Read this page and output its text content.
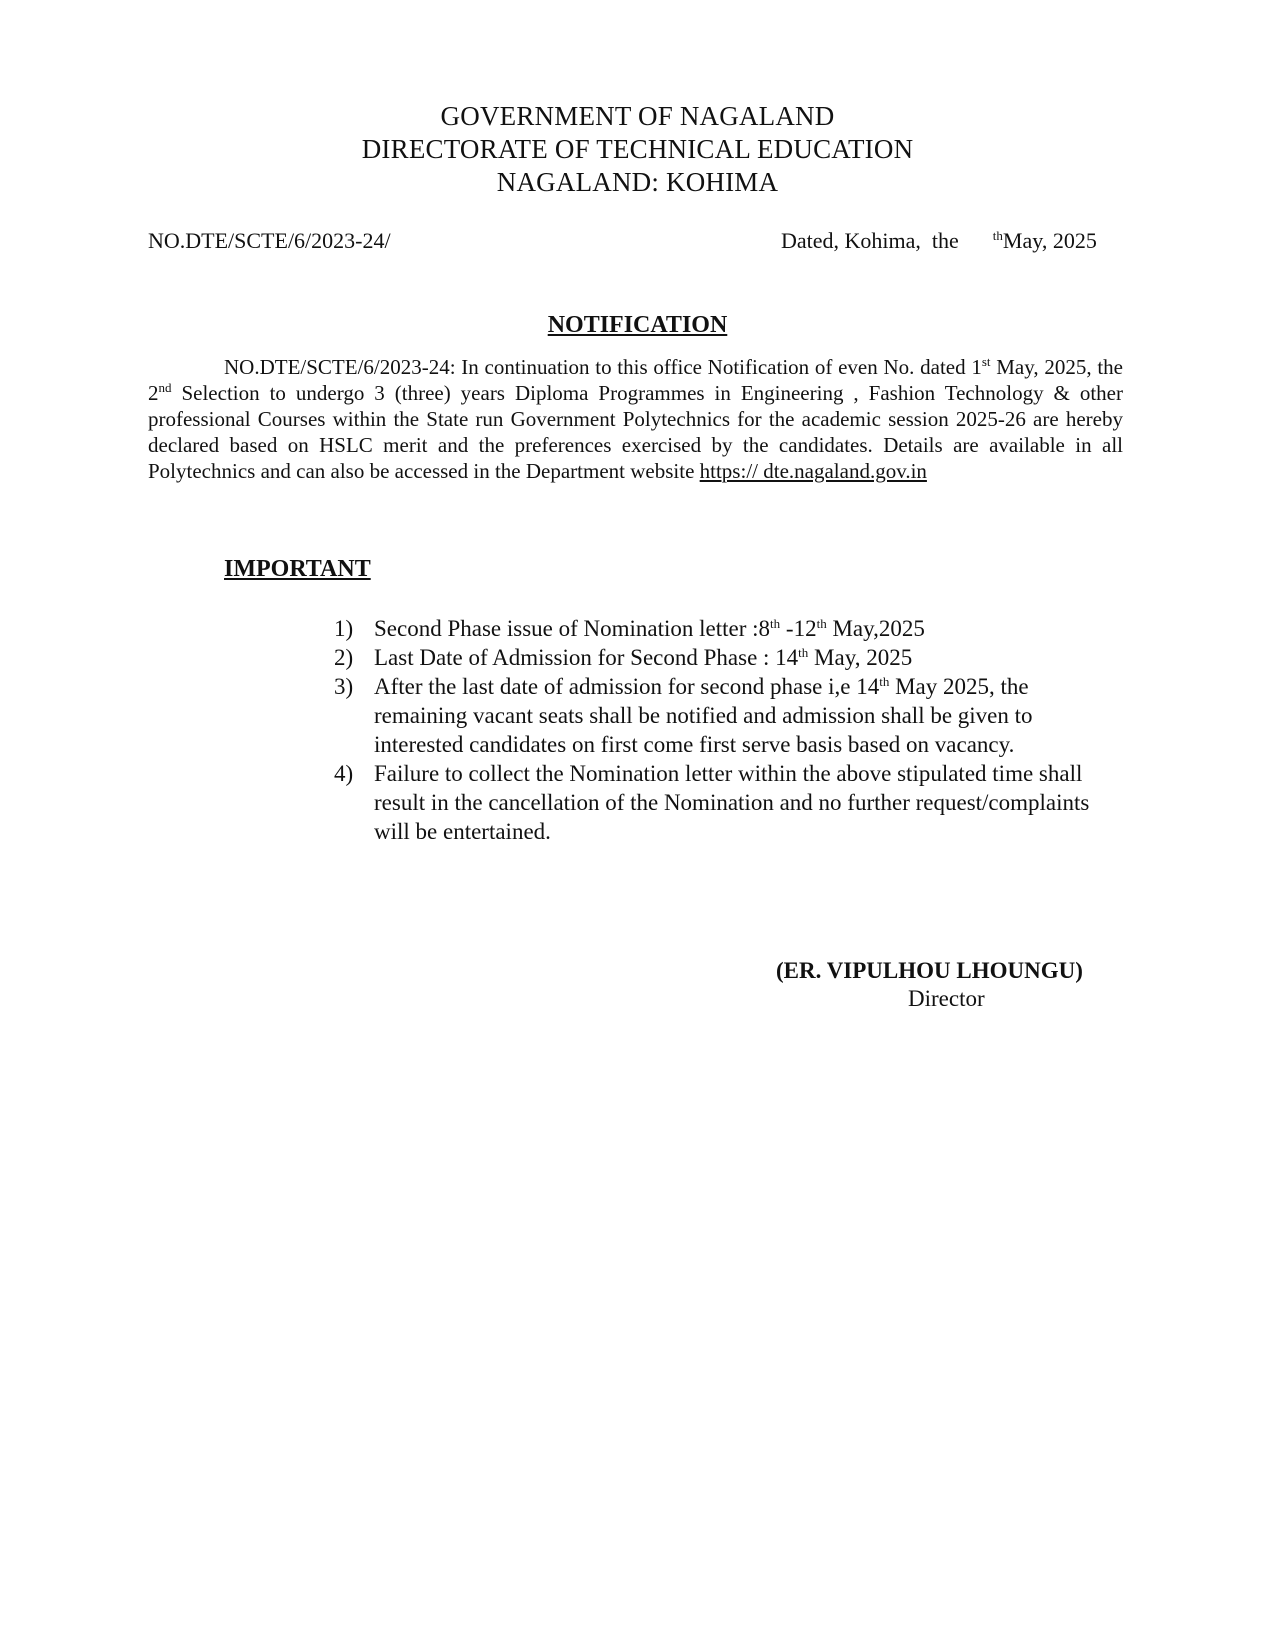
GOVERNMENT OF NAGALAND
DIRECTORATE OF TECHNICAL EDUCATION
NAGALAND: KOHIMA
NO.DTE/SCTE/6/2023-24/	Dated, Kohima,  the	$^{th}$May, 2025
NOTIFICATION
NO.DTE/SCTE/6/2023-24: In continuation to this office Notification of even No. dated 1st May, 2025, the 2nd Selection to undergo 3 (three) years Diploma Programmes in Engineering , Fashion Technology & other professional Courses within the State run Government Polytechnics for the academic session 2025-26 are hereby declared based on HSLC merit and the preferences exercised by the candidates. Details are available in all Polytechnics and can also be accessed in the Department website https:// dte.nagaland.gov.in
IMPORTANT
1) Second Phase issue of Nomination letter :8th -12th May,2025
2) Last Date of Admission for Second Phase : 14th May, 2025
3) After the last date of admission for second phase i,e 14th May 2025, the remaining vacant seats shall be notified and admission shall be given to interested candidates on first come first serve basis based on vacancy.
4) Failure to collect the Nomination letter within the above stipulated time shall result in the cancellation of the Nomination and no further request/complaints will be entertained.
(ER. VIPULHOU LHOUNGU)
Director
